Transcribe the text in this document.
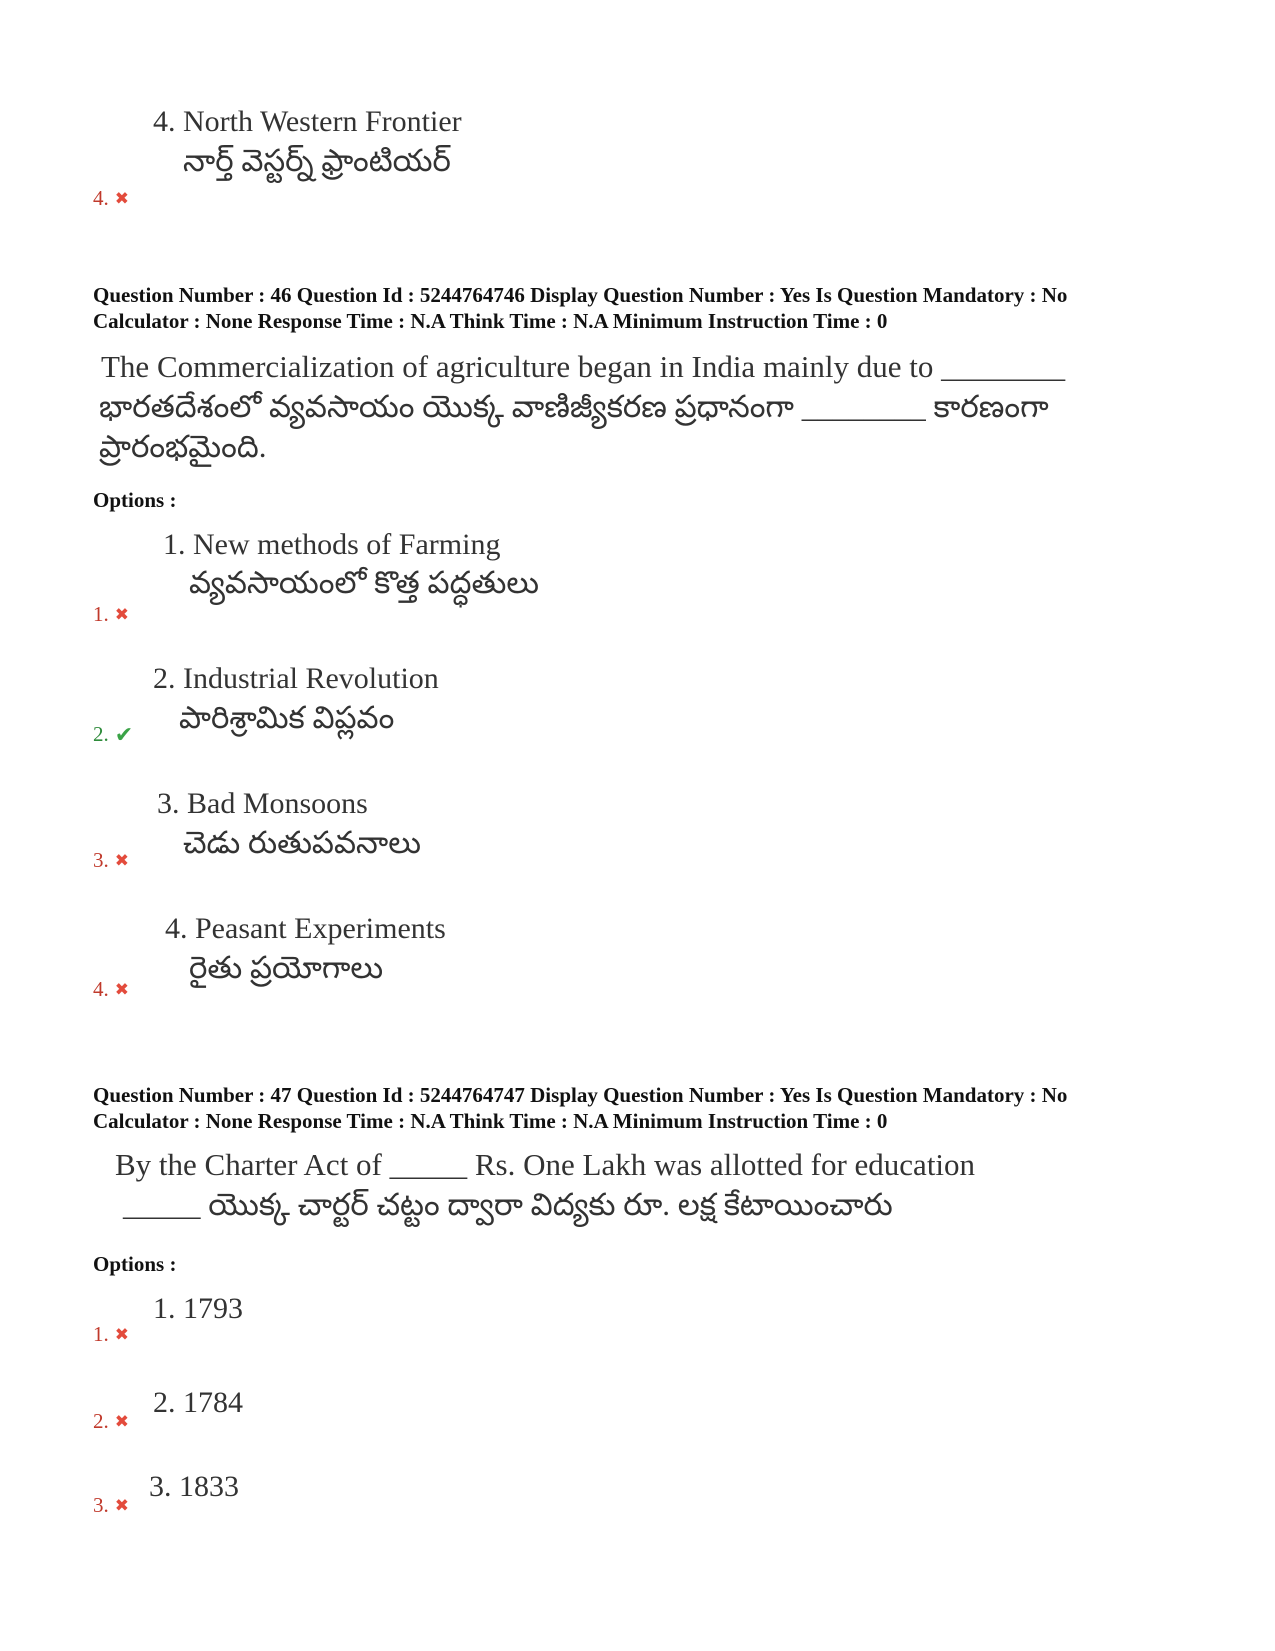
4. North Western Frontier
నార్త్ వెస్టర్న్ ఫ్రాంటియర్
4. ✖
Question Number : 46 Question Id : 5244764746 Display Question Number : Yes Is Question Mandatory : No
Calculator : None Response Time : N.A Think Time : N.A Minimum Instruction Time : 0
The Commercialization of agriculture began in India mainly due to ________
భారతదేశంలో వ్యవసాయం యొక్క వాణిజ్యీకరణ ప్రధానంగా ________ కారణంగా
ప్రారంభమైంది.
Options :
1. New methods of Farming
వ్యవసాయంలో కొత్త పద్ధతులు
1. ✖
2. Industrial Revolution
పారిశ్రామిక విప్లవం
2. ✔
3. Bad Monsoons
చెడు రుతుపవనాలు
3. ✖
4. Peasant Experiments
రైతు ప్రయోగాలు
4. ✖
Question Number : 47 Question Id : 5244764747 Display Question Number : Yes Is Question Mandatory : No
Calculator : None Response Time : N.A Think Time : N.A Minimum Instruction Time : 0
By the Charter Act of _____ Rs. One Lakh was allotted for education
_____ యొక్క చార్టర్ చట్టం ద్వారా విద్యకు రూ. లక్ష కేటాయించారు
Options :
1. 1793
1. ✖
2. 1784
2. ✖
3. 1833
3. ✖
